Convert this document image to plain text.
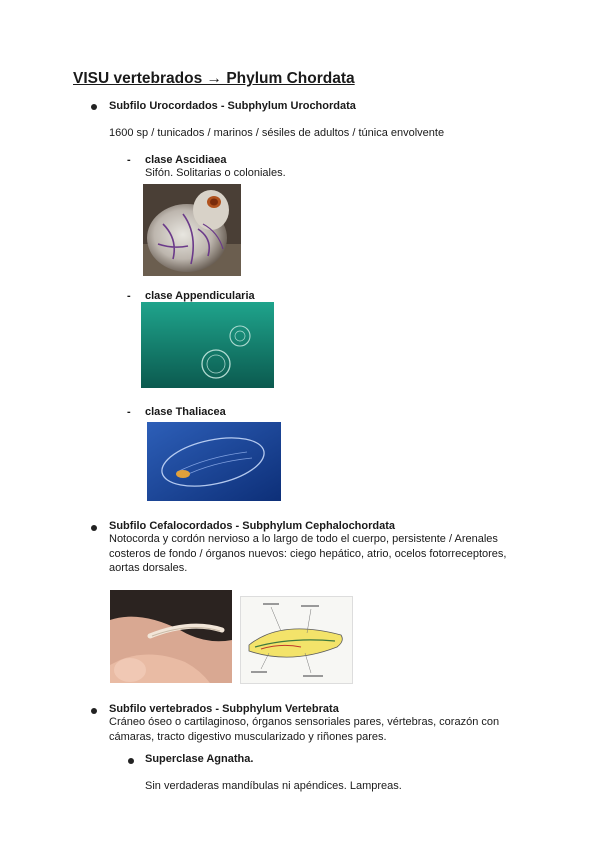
VISU vertebrados → Phylum Chordata
Subfilo Urocordados - Subphylum Urochordata
1600 sp / tunicados / marinos / sésiles de adultos / túnica envolvente
- clase Ascidiaea
Sifón. Solitarias o coloniales.
- clase Appendicularia
- clase Thaliacea
Subfilo Cefalocordados - Subphylum Cephalochordata
Notocorda y cordón nervioso a lo largo de todo el cuerpo, persistente / Arenales
costeros de fondo / órganos nuevos: ciego hepático, atrio, ocelos fotorreceptores,
aortas dorsales.
Subfilo vertebrados - Subphylum Vertebrata
Cráneo óseo o cartilaginoso, órganos sensoriales pares, vértebras, corazón con
cámaras, tracto digestivo muscularizado y riñones pares.
Superclase Agnatha.
Sin verdaderas mandíbulas ni apéndices. Lampreas.
